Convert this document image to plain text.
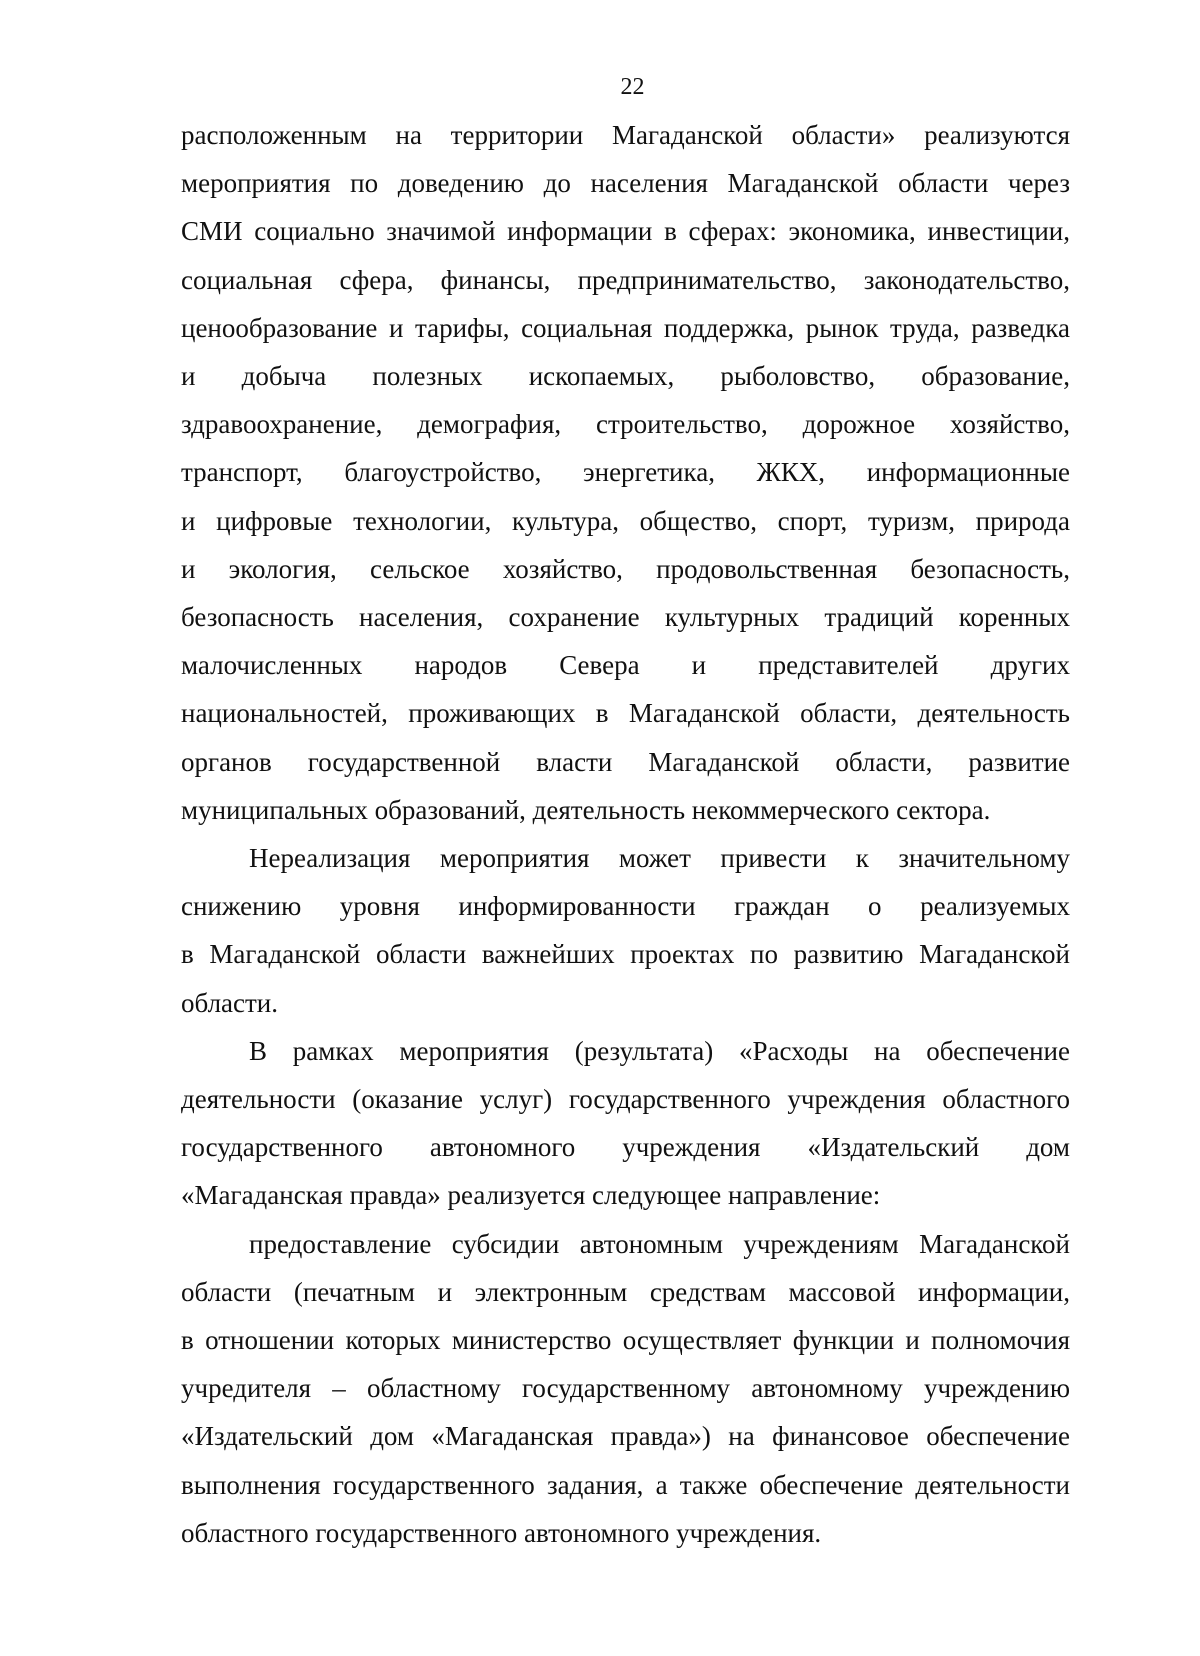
22

расположенным на территории Магаданской области» реализуются
мероприятия по доведению до населения Магаданской области через
СМИ социально значимой информации в сферах: экономика, инвестиции,
социальная сфера, финансы, предпринимательство, законодательство,
ценообразование и тарифы, социальная поддержка, рынок труда, разведка
и добыча полезных ископаемых, рыболовство, образование,
здравоохранение, демография, строительство, дорожное хозяйство,
транспорт, благоустройство, энергетика, ЖКХ, информационные
и цифровые технологии, культура, общество, спорт, туризм, природа
и экология, сельское хозяйство, продовольственная безопасность,
безопасность населения, сохранение культурных традиций коренных
малочисленных народов Севера и представителей других
национальностей, проживающих в Магаданской области, деятельность
органов государственной власти Магаданской области, развитие
муниципальных образований, деятельность некоммерческого сектора.

Нереализация мероприятия может привести к значительному
снижению уровня информированности граждан о реализуемых
в Магаданской области важнейших проектах по развитию Магаданской
области.

В рамках мероприятия (результата) «Расходы на обеспечение
деятельности (оказание услуг) государственного учреждения областного
государственного автономного учреждения «Издательский дом
«Магаданская правда» реализуется следующее направление:

предоставление субсидии автономным учреждениям Магаданской
области (печатным и электронным средствам массовой информации,
в отношении которых министерство осуществляет функции и полномочия
учредителя – областному государственному автономному учреждению
«Издательский дом «Магаданская правда») на финансовое обеспечение
выполнения государственного задания, а также обеспечение деятельности
областного государственного автономного учреждения.
